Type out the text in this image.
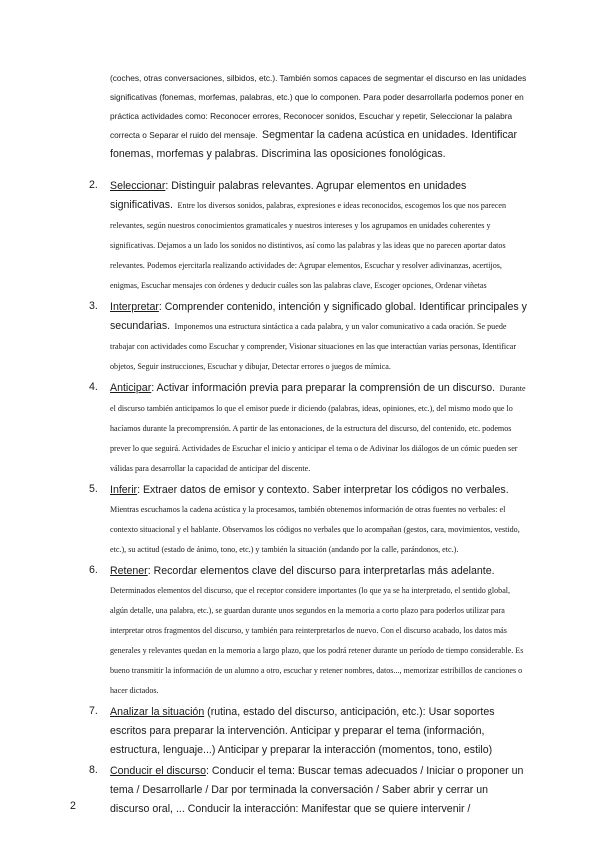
(coches, otras conversaciones, silbidos, etc.). También somos capaces de segmentar el discurso en las unidades significativas (fonemas, morfemas, palabras, etc.) que lo componen. Para poder desarrollarla podemos poner en práctica actividades como: Reconocer errores, Reconocer sonidos, Escuchar y repetir, Seleccionar la palabra correcta o Separar el ruido del mensaje. Segmentar la cadena acústica en unidades. Identificar fonemas, morfemas y palabras. Discrimina las oposiciones fonológicas.
2. Seleccionar: Distinguir palabras relevantes. Agrupar elementos en unidades significativas. Entre los diversos sonidos, palabras, expresiones e ideas reconocidos, escogemos los que nos parecen relevantes, según nuestros conocimientos gramaticales y nuestros intereses y los agrupamos en unidades coherentes y significativas. Dejamos a un lado los sonidos no distintivos, así como las palabras y las ideas que no parecen aportar datos relevantes. Podemos ejercitarla realizando actividades de: Agrupar elementos, Escuchar y resolver adivinanzas, acertijos, enigmas, Escuchar mensajes con órdenes y deducir cuáles son las palabras clave, Escoger opciones, Ordenar viñetas
3. Interpretar: Comprender contenido, intención y significado global. Identificar principales y secundarias. Imponemos una estructura sintáctica a cada palabra, y un valor comunicativo a cada oración. Se puede trabajar con actividades como Escuchar y comprender, Visionar situaciones en las que interactúan varias personas, Identificar objetos, Seguir instrucciones, Escuchar y dibujar, Detectar errores o juegos de mímica.
4. Anticipar: Activar información previa para preparar la comprensión de un discurso. Durante el discurso también anticipamos lo que el emisor puede ir diciendo (palabras, ideas, opiniones, etc.), del mismo modo que lo hacíamos durante la precomprensión. A partir de las entonaciones, de la estructura del discurso, del contenido, etc. podemos prever lo que seguirá. Actividades de Escuchar el inicio y anticipar el tema o de Adivinar los diálogos de un cómic pueden ser válidas para desarrollar la capacidad de anticipar del discente.
5. Inferir: Extraer datos de emisor y contexto. Saber interpretar los códigos no verbales. Mientras escuchamos la cadena acústica y la procesamos, también obtenemos información de otras fuentes no verbales: el contexto situacional y el hablante. Observamos los códigos no verbales que lo acompañan (gestos, cara, movimientos, vestido, etc.), su actitud (estado de ánimo, tono, etc.) y también la situación (andando por la calle, parándonos, etc.).
6. Retener: Recordar elementos clave del discurso para interpretarlas más adelante. Determinados elementos del discurso, que el receptor considere importantes (lo que ya se ha interpretado, el sentido global, algún detalle, una palabra, etc.), se guardan durante unos segundos en la memoria a corto plazo para poderlos utilizar para interpretar otros fragmentos del discurso, y también para reinterpretarlos de nuevo. Con el discurso acabado, los datos más generales y relevantes quedan en la memoria a largo plazo, que los podrá retener durante un período de tiempo considerable. Es bueno transmitir la información de un alumno a otro, escuchar y retener nombres, datos..., memorizar estribillos de canciones o hacer dictados.
7. Analizar la situación (rutina, estado del discurso, anticipación, etc.): Usar soportes escritos para preparar la intervención. Anticipar y preparar el tema (información, estructura, lenguaje...) Anticipar y preparar la interacción (momentos, tono, estilo)
8. Conducir el discurso: Conducir el tema: Buscar temas adecuados / Iniciar o proponer un tema / Desarrollarle / Dar por terminada la conversación / Saber abrir y cerrar un discurso oral, ... Conducir la interacción: Manifestar que se quiere intervenir /
2
